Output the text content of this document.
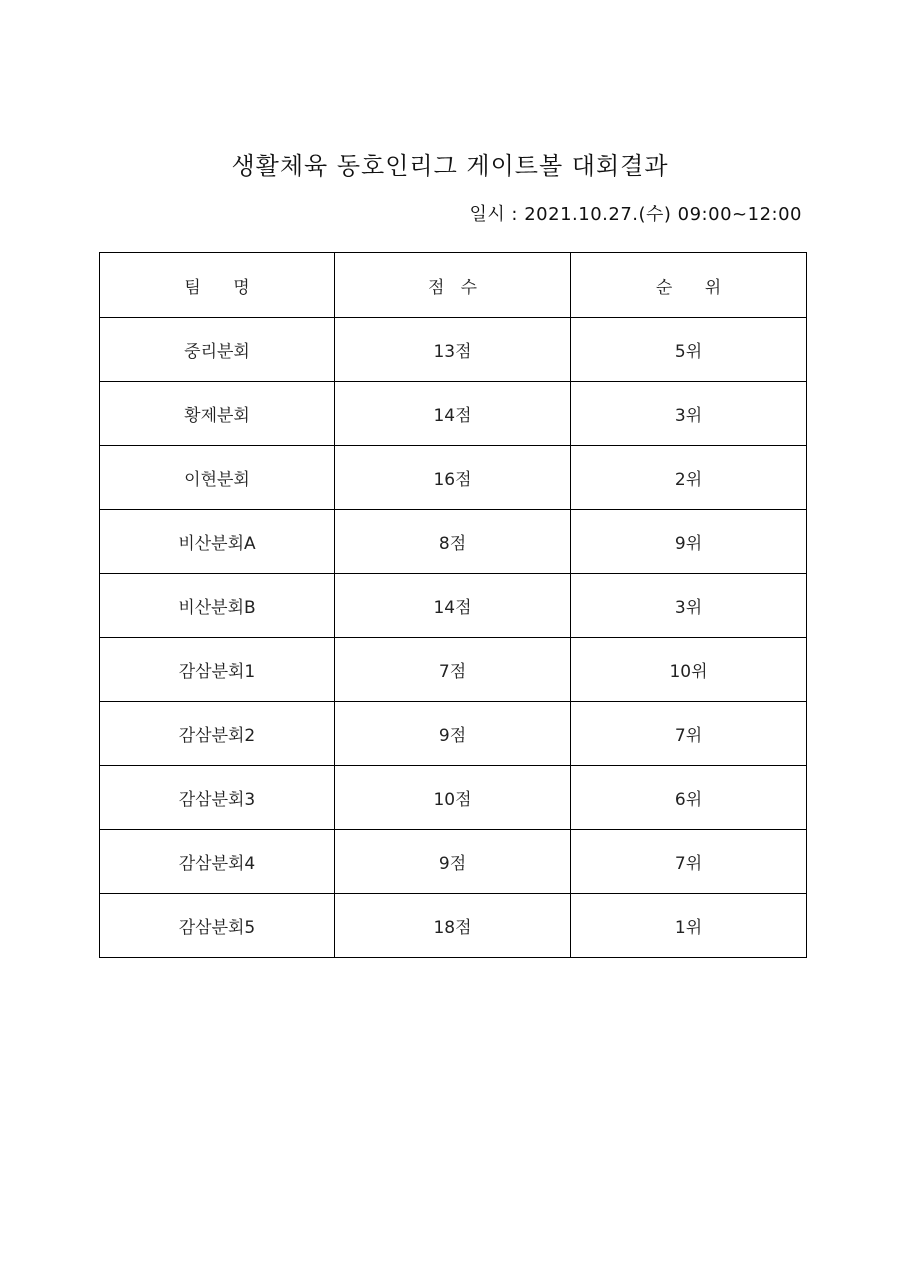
생활체육 동호인리그 게이트볼 대회결과
일시 : 2021.10.27.(수) 09:00~12:00
팀      명	점   수	순      위
중리분회	13점	5위
황제분회	14점	3위
이현분회	16점	2위
비산분회A	8점	9위
비산분회B	14점	3위
감삼분회1	7점	10위
감삼분회2	9점	7위
감삼분회3	10점	6위
감삼분회4	9점	7위
감삼분회5	18점	1위
